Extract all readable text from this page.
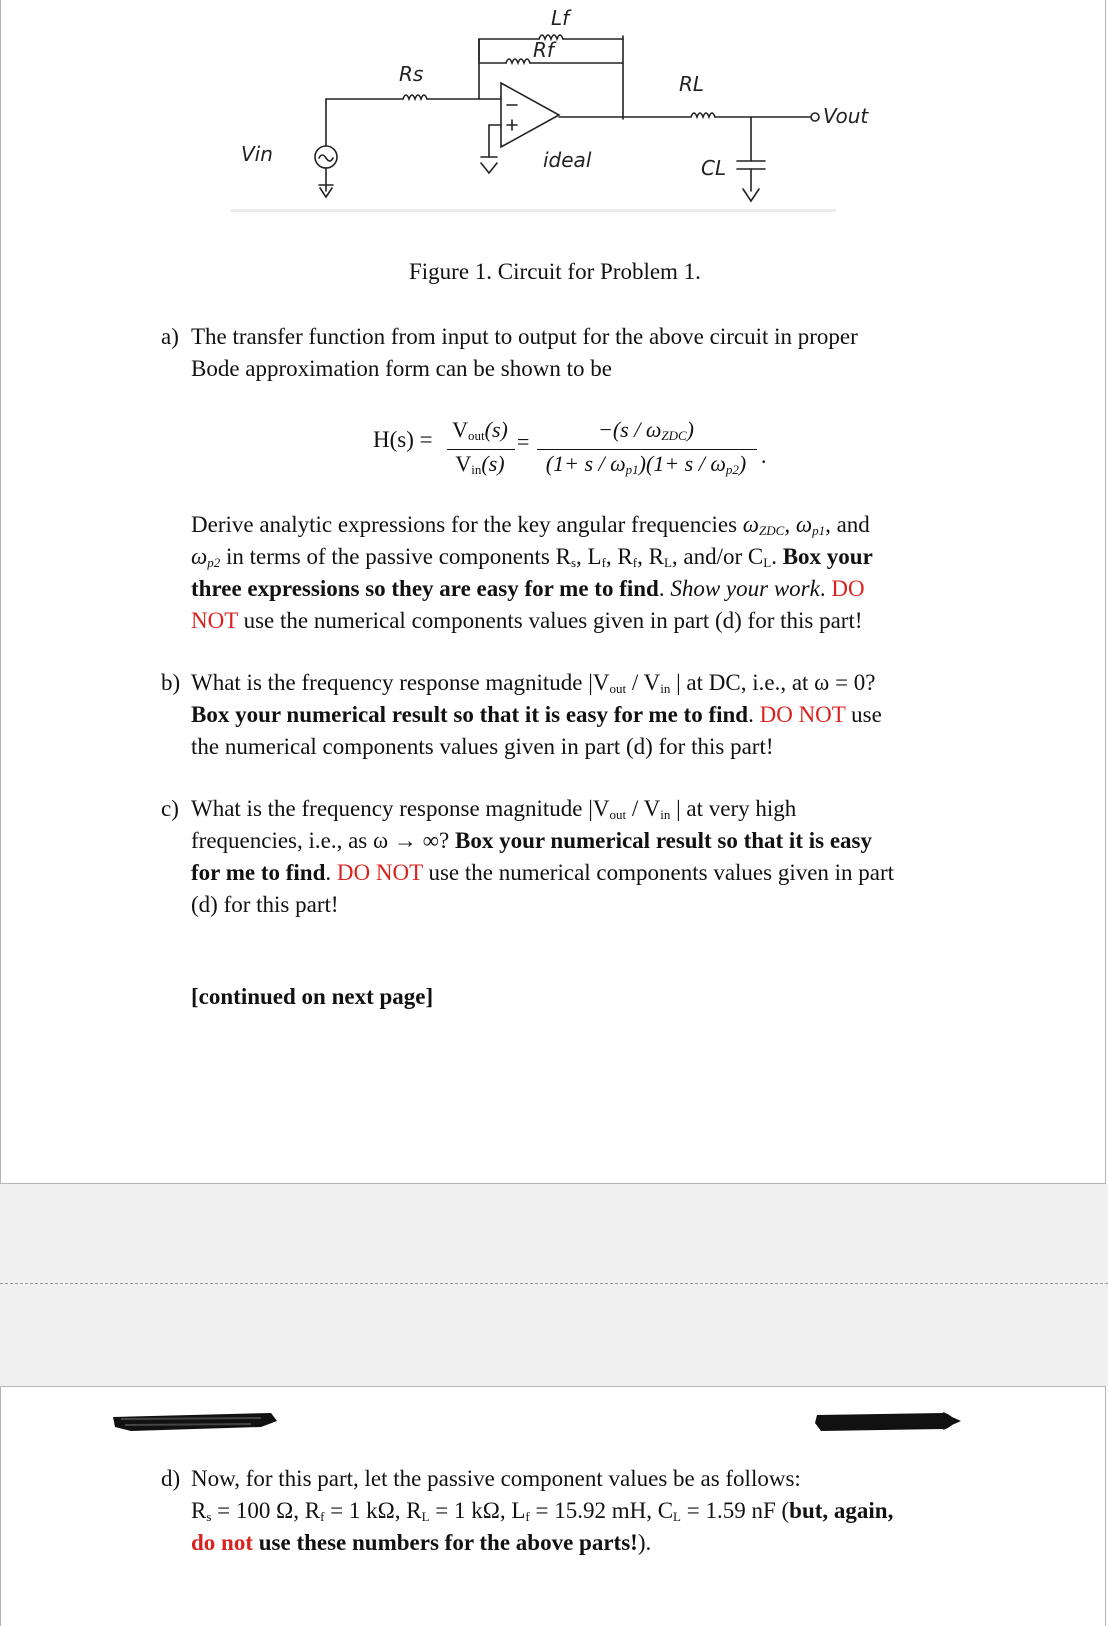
Vin
Rs
Lf
Rf
RL
CL
Vout
ideal
Figure 1. Circuit for Problem 1.
a) The transfer function from input to output for the above circuit in proper
Bode approximation form can be shown to be
$H(s) = V_{out}(s)$
$V_{in}(s)$
=	$-(s / \omega_{ZDC})$
$(1+ s / \omega_{p1})(1+ s / \omega_{p2})$ .
Derive analytic expressions for the key angular frequencies $\omega_{ZDC}$, $\omega_{p1}$, and
$\omega_{p2}$ in terms of the passive components $R_s$, $L_f$, $R_f$, $R_L$, and/or $C_L$. Box your
three expressions so they are easy for me to find. Show your work. DO
NOT use the numerical components values given in part (d) for this part!
b) What is the frequency response magnitude $|V_{out} / V_{in}$ | at DC, i.e., at ω = 0?
Box your numerical result so that it is easy for me to find. DO NOT use
the numerical components values given in part (d) for this part!
c) What is the frequency response magnitude $|V_{out} / V_{in}$ | at very high
frequencies, i.e., as ω → ∞? Box your numerical result so that it is easy
for me to find. DO NOT use the numerical components values given in part
(d) for this part!
[continued on next page]
d) Now, for this part, let the passive component values be as follows:
$R_s = 100$ Ω, $R_f = 1$ kΩ, $R_L = 1$ kΩ, $L_f = 15.92$ mH, $C_L = 1.59$ nF (but, again,
do not use these numbers for the above parts!).
